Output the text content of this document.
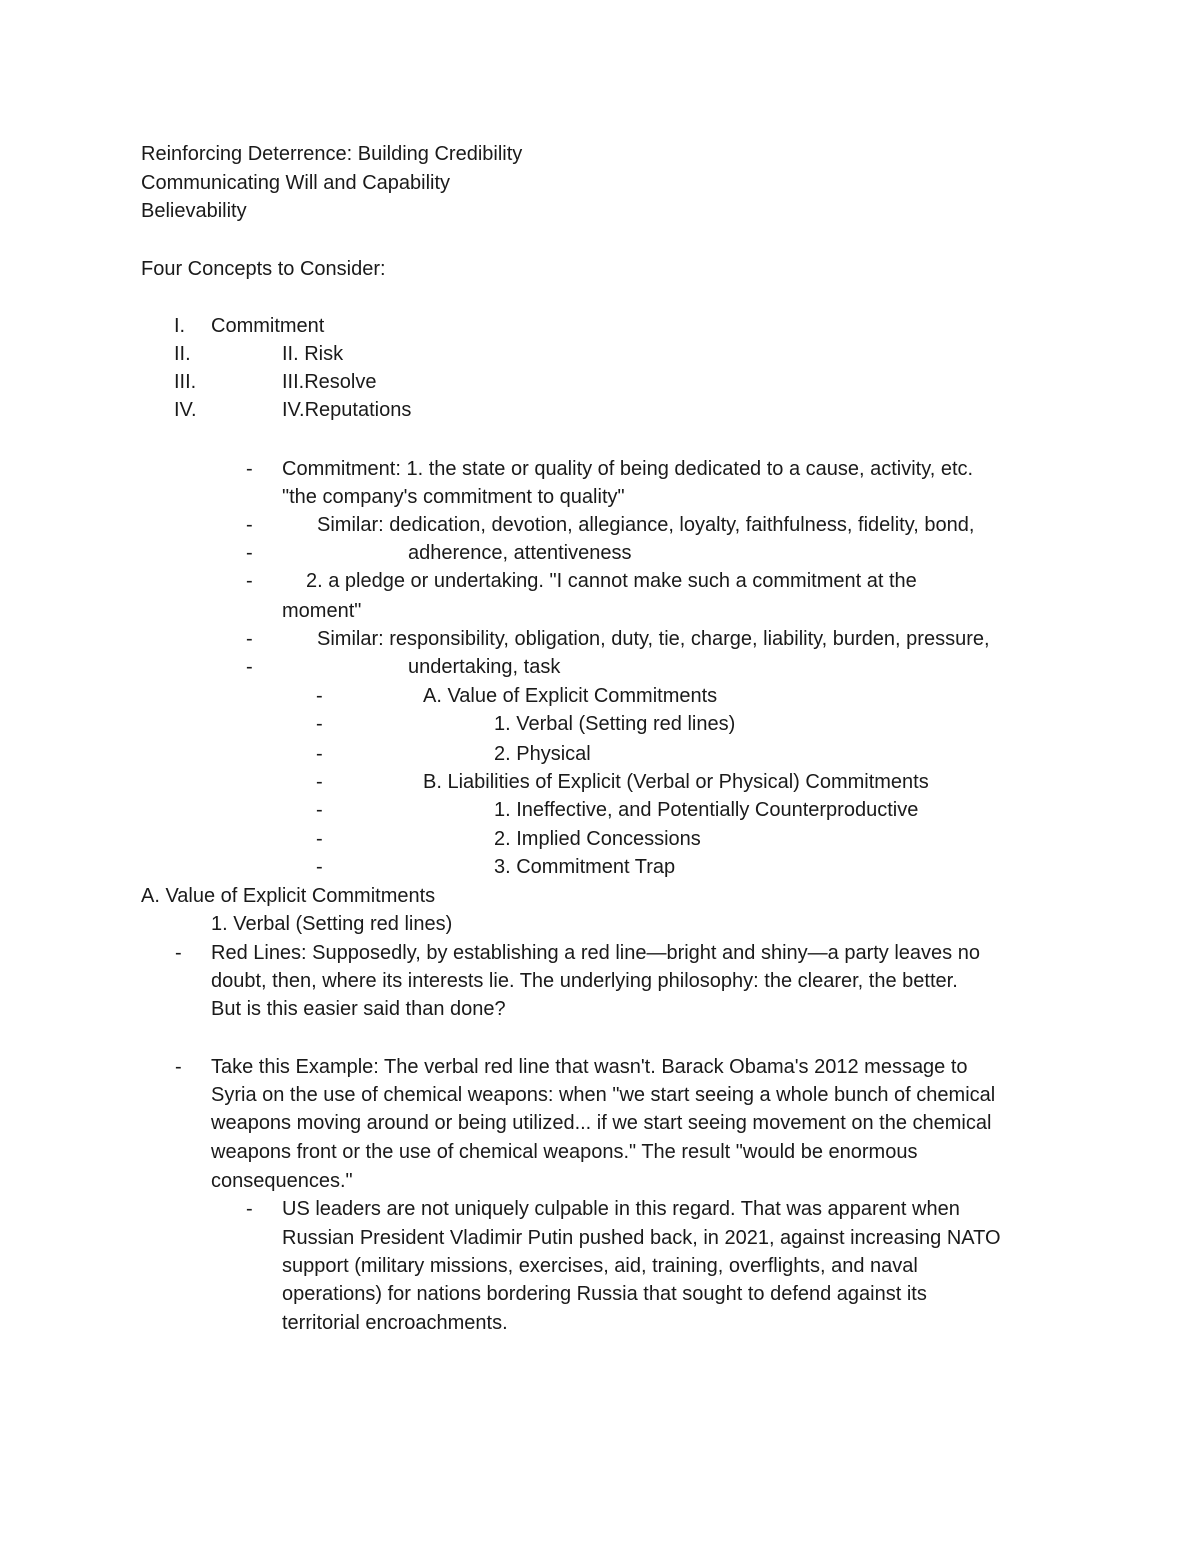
Reinforcing Deterrence: Building Credibility
Communicating Will and Capability
Believability
Four Concepts to Consider:
I. Commitment
II.	II. Risk
III.	III.Resolve
IV.	IV.Reputations
- Commitment: 1. the state or quality of being dedicated to a cause, activity, etc.
"the company's commitment to quality"
-	Similar: dedication, devotion, allegiance, loyalty, faithfulness, fidelity, bond,
-	adherence, attentiveness
-	2. a pledge or undertaking. "I cannot make such a commitment at the
moment"
-	Similar: responsibility, obligation, duty, tie, charge, liability, burden, pressure,
-	undertaking, task
-	A. Value of Explicit Commitments
-	1. Verbal (Setting red lines)
-	2. Physical
-	B. Liabilities of Explicit (Verbal or Physical) Commitments
-	1. Ineffective, and Potentially Counterproductive
-	2. Implied Concessions
-	3. Commitment Trap
A. Value of Explicit Commitments
1. Verbal (Setting red lines)
- Red Lines: Supposedly, by establishing a red line—bright and shiny—a party leaves no
doubt, then, where its interests lie. The underlying philosophy: the clearer, the better.
But is this easier said than done?
- Take this Example: The verbal red line that wasn't. Barack Obama's 2012 message to
Syria on the use of chemical weapons: when "we start seeing a whole bunch of chemical
weapons moving around or being utilized... if we start seeing movement on the chemical
weapons front or the use of chemical weapons." The result "would be enormous
consequences."
- US leaders are not uniquely culpable in this regard. That was apparent when
Russian President Vladimir Putin pushed back, in 2021, against increasing NATO
support (military missions, exercises, aid, training, overflights, and naval
operations) for nations bordering Russia that sought to defend against its
territorial encroachments.
